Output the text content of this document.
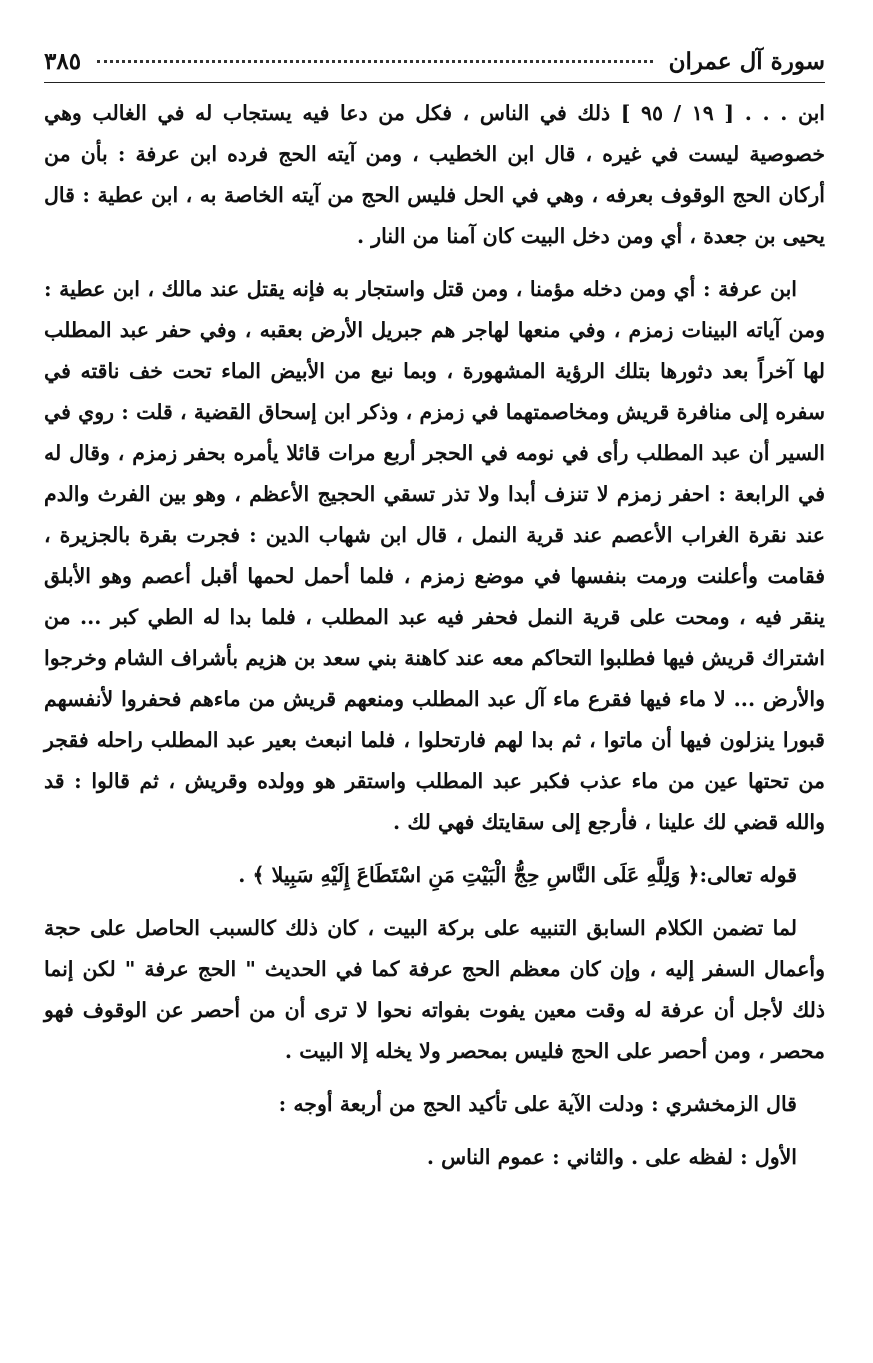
سورة آل عمران
٣٨٥

ابن . . . [ ١٩ / ٩٥ ] ذلك في الناس ، فكل من دعا فيه يستجاب له في الغالب وهي خصوصية ليست في غيره ، قال ابن الخطيب ، ومن آيته الحج فرده ابن عرفة : بأن من أركان الحج الوقوف بعرفه ، وهي في الحل فليس الحج من آيته الخاصة به ، ابن عطية : قال يحيى بن جعدة ، أي ومن دخل البيت كان آمنا من النار .

ابن عرفة : أي ومن دخله مؤمنا ، ومن قتل واستجار به فإنه يقتل عند مالك ، ابن عطية : ومن آياته البينات زمزم ، وفي منعها لهاجر هم جبريل الأرض بعقبه ، وفي حفر عبد المطلب لها آخراً بعد دثورها بتلك الرؤية المشهورة ، وبما نبع من الأبيض الماء تحت خف ناقته في سفره إلى منافرة قريش ومخاصمتهما في زمزم ، وذكر ابن إسحاق القضية ، قلت : روي في السير أن عبد المطلب رأى في نومه في الحجر أربع مرات قائلا يأمره بحفر زمزم ، وقال له في الرابعة : احفر زمزم لا تنزف أبدا ولا تذر تسقي الحجيج الأعظم ، وهو بين الفرث والدم عند نقرة الغراب الأعصم عند قرية النمل ، قال ابن شهاب الدين : فجرت بقرة بالجزيرة ، فقامت وأعلنت ورمت بنفسها في موضع زمزم ، فلما أحمل لحمها أقبل أعصم وهو الأبلق ينقر فيه ، ومحت على قرية النمل فحفر فيه عبد المطلب ، فلما بدا له الطي كبر ... من اشتراك قريش فيها فطلبوا التحاكم معه عند كاهنة بني سعد بن هزيم بأشراف الشام وخرجوا والأرض ... لا ماء فيها فقرع ماء آل عبد المطلب ومنعهم قريش من ماءهم فحفروا لأنفسهم قبورا ينزلون فيها أن ماتوا ، ثم بدا لهم فارتحلوا ، فلما انبعث بعير عبد المطلب راحله فقجر من تحتها عين من ماء عذب فكبر عبد المطلب واستقر هو وولده وقريش ، ثم قالوا : قد والله قضي لك علينا ، فأرجع إلى سقايتك فهي لك .

قوله تعالى:﴿ وَلِلَّهِ عَلَى النَّاسِ حِجُّ الْبَيْتِ مَنِ اسْتَطَاعَ إِلَيْهِ سَبِيلا ﴾ .

لما تضمن الكلام السابق التنبيه على بركة البيت ، كان ذلك كالسبب الحاصل على حجة وأعمال السفر إليه ، وإن كان معظم الحج عرفة كما في الحديث " الحج عرفة " لكن إنما ذلك لأجل أن عرفة له وقت معين يفوت بفواته نحوا لا ترى أن من أحصر عن الوقوف فهو محصر ، ومن أحصر على الحج فليس بمحصر ولا يخله إلا البيت .

قال الزمخشري : ودلت الآية على تأكيد الحج من أربعة أوجه :

الأول : لفظه على . والثاني : عموم الناس .
